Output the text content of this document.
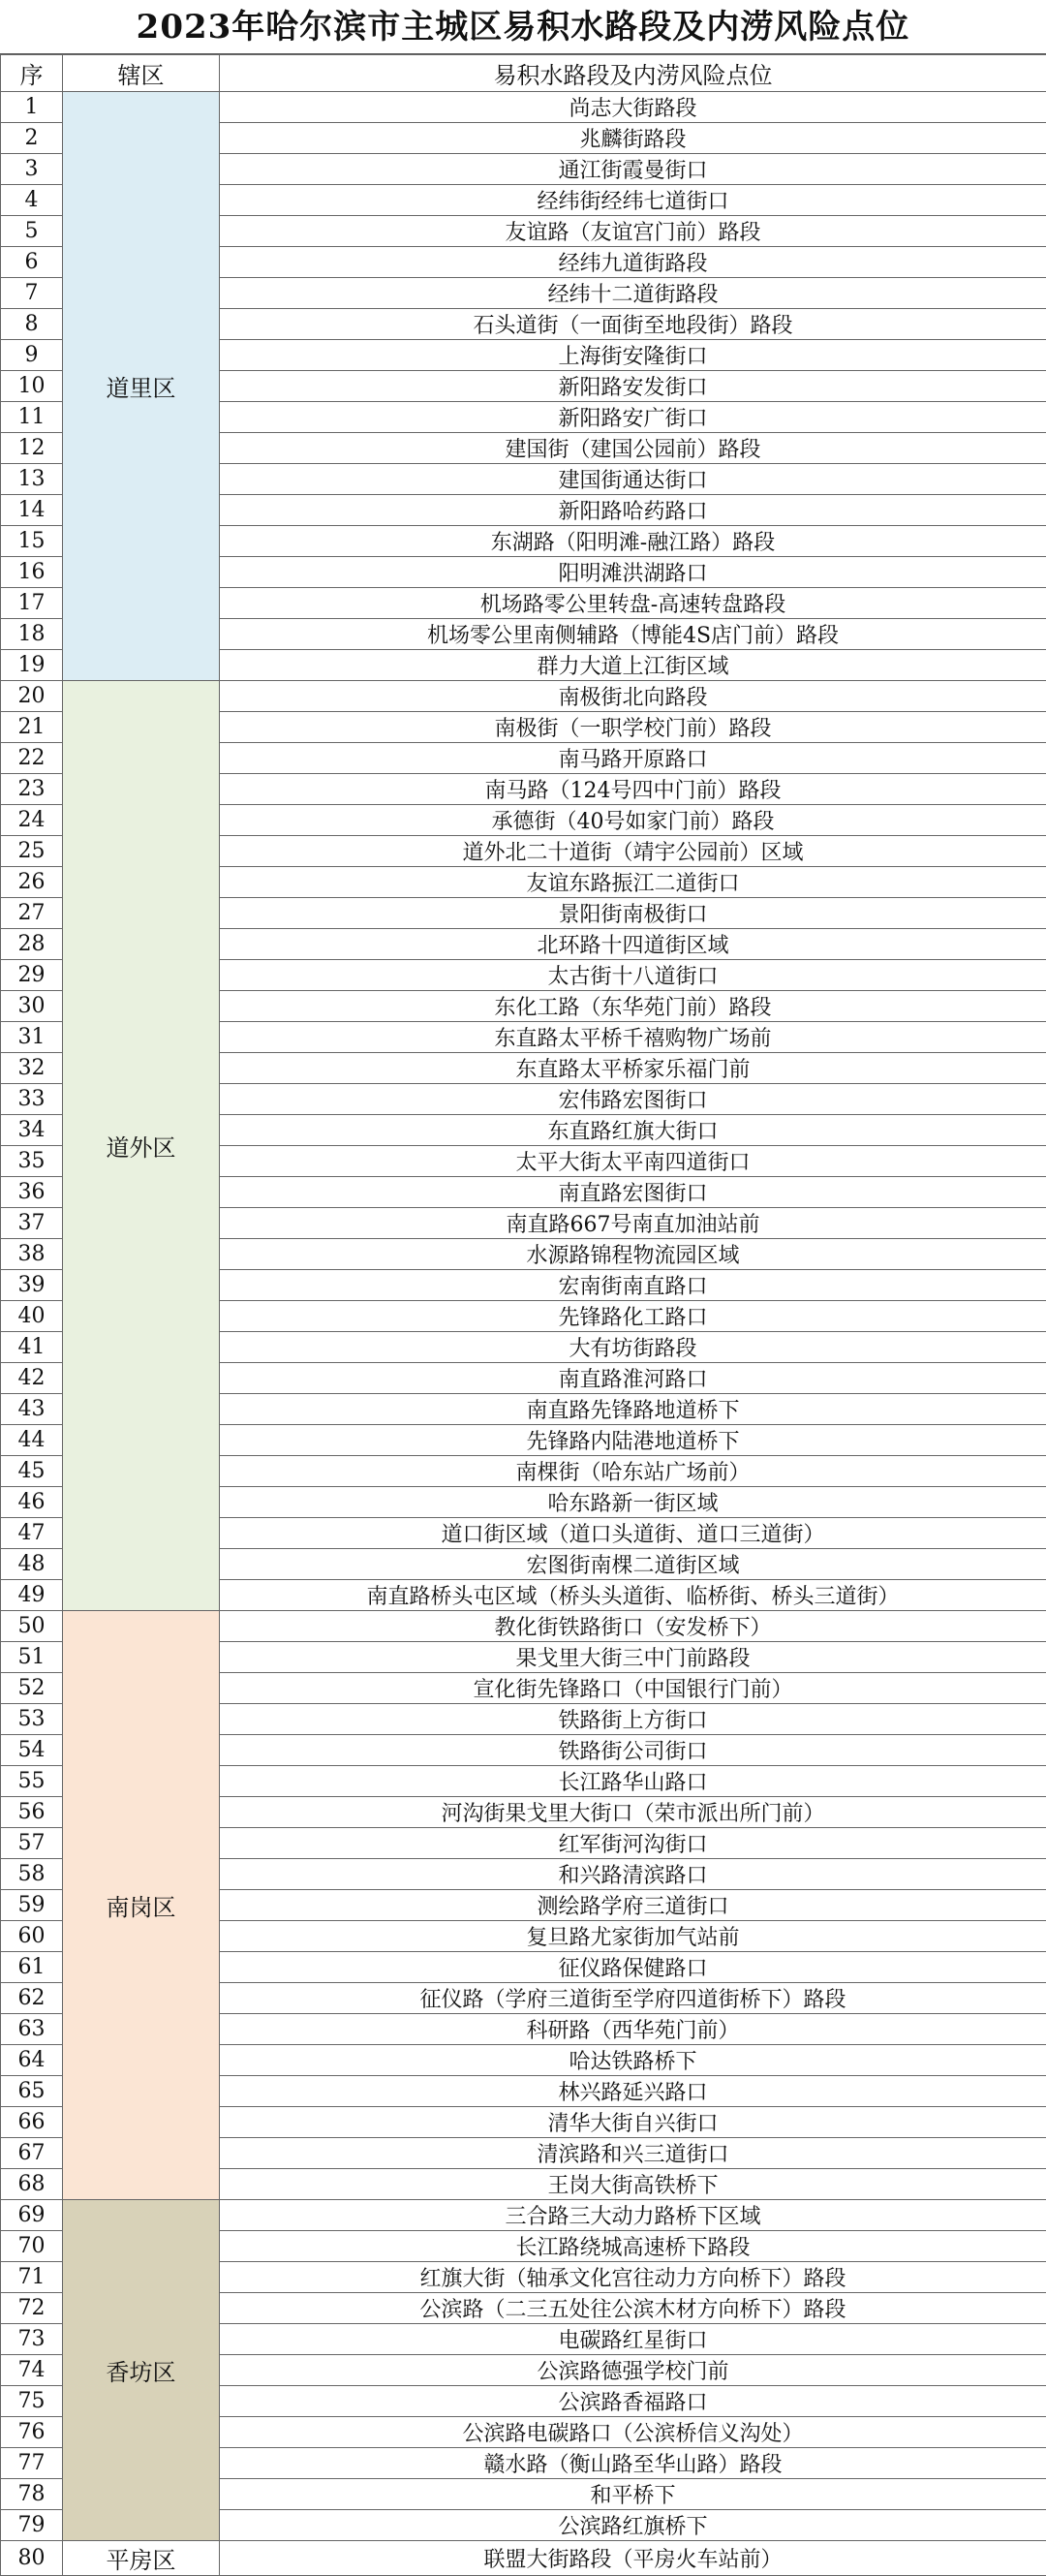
2023年哈尔滨市主城区易积水路段及内涝风险点位
序	辖区	易积水路段及内涝风险点位
1	道里区	尚志大街路段
2		兆麟街路段
3		通江街霞曼街口
4		经纬街经纬七道街口
5		友谊路（友谊宫门前）路段
6		经纬九道街路段
7		经纬十二道街路段
8		石头道街（一面街至地段街）路段
9		上海街安隆街口
10		新阳路安发街口
11		新阳路安广街口
12		建国街（建国公园前）路段
13		建国街通达街口
14		新阳路哈药路口
15		东湖路（阳明滩-融江路）路段
16		阳明滩洪湖路口
17		机场路零公里转盘-高速转盘路段
18		机场零公里南侧辅路（博能4S店门前）路段
19		群力大道上江街区域
20	道外区	南极街北向路段
21		南极街（一职学校门前）路段
22		南马路开原路口
23		南马路（124号四中门前）路段
24		承德街（40号如家门前）路段
25		道外北二十道街（靖宇公园前）区域
26		友谊东路振江二道街口
27		景阳街南极街口
28		北环路十四道街区域
29		太古街十八道街口
30		东化工路（东华苑门前）路段
31		东直路太平桥千禧购物广场前
32		东直路太平桥家乐福门前
33		宏伟路宏图街口
34		东直路红旗大街口
35		太平大街太平南四道街口
36		南直路宏图街口
37		南直路667号南直加油站前
38		水源路锦程物流园区域
39		宏南街南直路口
40		先锋路化工路口
41		大有坊街路段
42		南直路淮河路口
43		南直路先锋路地道桥下
44		先锋路内陆港地道桥下
45		南棵街（哈东站广场前）
46		哈东路新一街区域
47		道口街区域（道口头道街、道口三道街）
48		宏图街南棵二道街区域
49		南直路桥头屯区域（桥头头道街、临桥街、桥头三道街）
50	南岗区	教化街铁路街口（安发桥下）
51		果戈里大街三中门前路段
52		宣化街先锋路口（中国银行门前）
53		铁路街上方街口
54		铁路街公司街口
55		长江路华山路口
56		河沟街果戈里大街口（荣市派出所门前）
57		红军街河沟街口
58		和兴路清滨路口
59		测绘路学府三道街口
60		复旦路尤家街加气站前
61		征仪路保健路口
62		征仪路（学府三道街至学府四道街桥下）路段
63		科研路（西华苑门前）
64		哈达铁路桥下
65		林兴路延兴路口
66		清华大街自兴街口
67		清滨路和兴三道街口
68		王岗大街高铁桥下
69	香坊区	三合路三大动力路桥下区域
70		长江路绕城高速桥下路段
71		红旗大街（轴承文化宫往动力方向桥下）路段
72		公滨路（二三五处往公滨木材方向桥下）路段
73		电碳路红星街口
74		公滨路德强学校门前
75		公滨路香福路口
76		公滨路电碳路口（公滨桥信义沟处）
77		赣水路（衡山路至华山路）路段
78		和平桥下
79		公滨路红旗桥下
80	平房区	联盟大街路段（平房火车站前）
